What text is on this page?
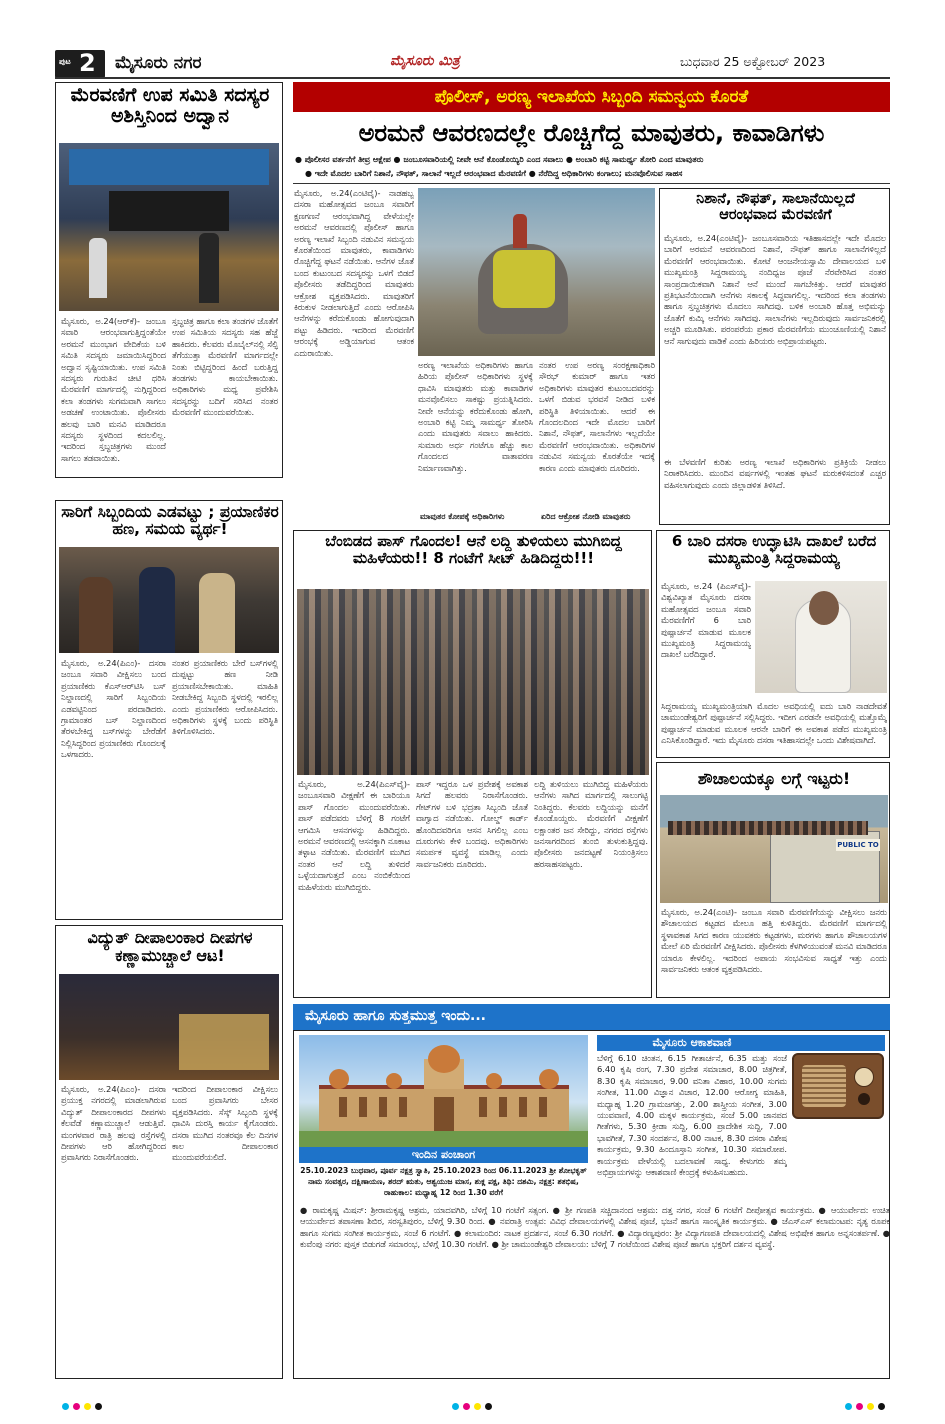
ಪುಟ 2 ಮೈಸೂರು ನಗರ	ಮೈಸೂರು ಮಿತ್ರ	ಬುಧವಾರ 25 ಅಕ್ಟೋಬರ್ 2023
ಮೆರವಣಿಗೆ ಉಪ ಸಮಿತಿ ಸದಸ್ಯರ ಅಶಿಸ್ತಿನಿಂದ ಅದ್ವಾನ
ಮೈಸೂರು, ಅ.24(ಆರ್‌ಕೆ)- ಜಂಬೂ ಸವಾರಿ ಆರಂಭವಾಗುತ್ತಿದ್ದಂತೆಯೇ ಅರಮನೆ ಮುಂಭಾಗ ವೇದಿಕೆಯ ಬಳಿ ಸಮಿತಿ ಸದಸ್ಯರು ಜಮಾಯಿಸಿದ್ದರಿಂದ ಅದ್ವಾನ ಸೃಷ್ಟಿಯಾಯಿತು. ಉಪ ಸಮಿತಿ ಸದಸ್ಯರು ಗುರುತಿನ ಚೀಟಿ ಧರಿಸಿ ಮೆರವಣಿಗೆ ಮಾರ್ಗದಲ್ಲಿ ನುಗ್ಗಿದ್ದರಿಂದ ಕಲಾ ತಂಡಗಳು ಸುಗಮವಾಗಿ ಸಾಗಲು ಅಡಚಣೆ ಉಂಟಾಯಿತು. ಪೊಲೀಸರು ಹಲವು ಬಾರಿ ಮನವಿ ಮಾಡಿದರೂ ಸದಸ್ಯರು ಸ್ಥಳದಿಂದ ಕದಲಲಿಲ್ಲ. ಇದರಿಂದ ಸ್ತಬ್ಧಚಿತ್ರಗಳು ಮುಂದೆ ಸಾಗಲು ತಡವಾಯಿತು.
ಸ್ತಬ್ಧಚಿತ್ರ ಹಾಗೂ ಕಲಾ ತಂಡಗಳ ಜೊತೆಗೆ ಉಪ ಸಮಿತಿಯ ಸದಸ್ಯರು ಸಹ ಹೆಜ್ಜೆ ಹಾಕಿದರು. ಕೆಲವರು ಮೊಬೈಲ್‌ನಲ್ಲಿ ಸೆಲ್ಫಿ ತೆಗೆಯುತ್ತಾ ಮೆರವಣಿಗೆ ಮಾರ್ಗದಲ್ಲೇ ನಿಂತು ಬಿಟ್ಟಿದ್ದರಿಂದ ಹಿಂದೆ ಬರುತ್ತಿದ್ದ ತಂಡಗಳು ಕಾಯಬೇಕಾಯಿತು. ಅಧಿಕಾರಿಗಳು ಮಧ್ಯ ಪ್ರವೇಶಿಸಿ ಸದಸ್ಯರನ್ನು ಬದಿಗೆ ಸರಿಸಿದ ನಂತರ ಮೆರವಣಿಗೆ ಮುಂದುವರೆಯಿತು.
ಸಾರಿಗೆ ಸಿಬ್ಬಂದಿಯ ಎಡವಟ್ಟು ; ಪ್ರಯಾಣಿಕರ ಹಣ, ಸಮಯ ವ್ಯರ್ಥ!
ಮೈಸೂರು, ಅ.24(ಪಿಎಂ)- ದಸರಾ ಜಂಬೂ ಸವಾರಿ ವೀಕ್ಷಿಸಲು ಬಂದ ಪ್ರಯಾಣಿಕರು ಕೆಎಸ್‌ಆರ್‌ಟಿಸಿ ಬಸ್ ನಿಲ್ದಾಣದಲ್ಲಿ ಸಾರಿಗೆ ಸಿಬ್ಬಂದಿಯ ಎಡವಟ್ಟಿನಿಂದ ಪರದಾಡಿದರು. ಗ್ರಾಮಾಂತರ ಬಸ್ ನಿಲ್ದಾಣದಿಂದ ತೆರಳಬೇಕಿದ್ದ ಬಸ್‌ಗಳನ್ನು ಬೇರೆಡೆಗೆ ನಿಲ್ಲಿಸಿದ್ದರಿಂದ ಪ್ರಯಾಣಿಕರು ಗೊಂದಲಕ್ಕೆ ಒಳಗಾದರು.
ನಂತರ ಪ್ರಯಾಣಿಕರು ಬೇರೆ ಬಸ್‌ಗಳಲ್ಲಿ ದುಪ್ಪಟ್ಟು ಹಣ ನೀಡಿ ಪ್ರಯಾಣಿಸಬೇಕಾಯಿತು. ಮಾಹಿತಿ ನೀಡಬೇಕಿದ್ದ ಸಿಬ್ಬಂದಿ ಸ್ಥಳದಲ್ಲಿ ಇರಲಿಲ್ಲ ಎಂದು ಪ್ರಯಾಣಿಕರು ಆರೋಪಿಸಿದರು. ಅಧಿಕಾರಿಗಳು ಸ್ಥಳಕ್ಕೆ ಬಂದು ಪರಿಸ್ಥಿತಿ ತಿಳಿಗೊಳಿಸಿದರು.
ವಿದ್ಯುತ್ ದೀಪಾಲಂಕಾರ ದೀಪಗಳ ಕಣ್ಣಾಮುಚ್ಚಾಲೆ ಆಟ!
ಮೈಸೂರು, ಅ.24(ಪಿಎಂ)- ದಸರಾ ಪ್ರಯುಕ್ತ ನಗರದಲ್ಲಿ ಮಾಡಲಾಗಿರುವ ವಿದ್ಯುತ್ ದೀಪಾಲಂಕಾರದ ದೀಪಗಳು ಕೆಲವೆಡೆ ಕಣ್ಣಾಮುಚ್ಚಾಲೆ ಆಡುತ್ತಿವೆ. ಮಂಗಳವಾರ ರಾತ್ರಿ ಹಲವು ರಸ್ತೆಗಳಲ್ಲಿ ದೀಪಗಳು ಆರಿ ಹೋಗಿದ್ದರಿಂದ ಪ್ರವಾಸಿಗರು ನಿರಾಸೆಗೊಂಡರು.
ಇದರಿಂದ ದೀಪಾಲಂಕಾರ ವೀಕ್ಷಿಸಲು ಬಂದ ಪ್ರವಾಸಿಗರು ಬೇಸರ ವ್ಯಕ್ತಪಡಿಸಿದರು. ಸೆಸ್ಕ್ ಸಿಬ್ಬಂದಿ ಸ್ಥಳಕ್ಕೆ ಧಾವಿಸಿ ದುರಸ್ತಿ ಕಾರ್ಯ ಕೈಗೊಂಡರು. ದಸರಾ ಮುಗಿದ ನಂತರವೂ ಕೆಲ ದಿನಗಳ ಕಾಲ ದೀಪಾಲಂಕಾರ ಮುಂದುವರೆಯಲಿದೆ.
ಪೊಲೀಸ್, ಅರಣ್ಯ ಇಲಾಖೆಯ ಸಿಬ್ಬಂದಿ ಸಮನ್ವಯ ಕೊರತೆ
ಅರಮನೆ ಆವರಣದಲ್ಲೇ ರೊಚ್ಚಿಗೆದ್ದ ಮಾವುತರು, ಕಾವಾಡಿಗಳು
● ಪೊಲೀಸರ ವರ್ತನೆಗೆ ತೀವ್ರ ಆಕ್ಷೇಪ ● ಜಂಬೂಸವಾರಿಯಲ್ಲಿ ನೀವೇ ಆನೆ ಕೊಂಡೊಯ್ಯಿರಿ ಎಂದ ಸವಾಲು ● ಅಂಬಾರಿ ಕಟ್ಟಿ ಸಾಮರ್ಥ್ಯ ತೋರಿ ಎಂದ ಮಾವುತರು
● ಇದೇ ಮೊದಲ ಬಾರಿಗೆ ನಿಶಾನೆ, ನೌಫತ್, ಸಾಲಾನೆ ಇಲ್ಲದೆ ಆರಂಭವಾದ ಮೆರವಣಿಗೆ ● ನೆರೆದಿದ್ದ ಅಧಿಕಾರಿಗಳು ಕಂಗಾಲು; ಮನವೊಲಿಸುವ ಸಾಹಸ
ಮೈಸೂರು, ಅ.24(ಎಂಟಿವೈ)- ನಾಡಹಬ್ಬ ದಸರಾ ಮಹೋತ್ಸವದ ಜಂಬೂ ಸವಾರಿಗೆ ಕ್ಷಣಗಣನೆ ಆರಂಭವಾಗಿದ್ದ ವೇಳೆಯಲ್ಲೇ ಅರಮನೆ ಆವರಣದಲ್ಲಿ ಪೊಲೀಸ್ ಹಾಗೂ ಅರಣ್ಯ ಇಲಾಖೆ ಸಿಬ್ಬಂದಿ ನಡುವಿನ ಸಮನ್ವಯ ಕೊರತೆಯಿಂದ ಮಾವುತರು, ಕಾವಾಡಿಗಳು ರೊಚ್ಚಿಗೆದ್ದ ಘಟನೆ ನಡೆಯಿತು. ಆನೆಗಳ ಜೊತೆ ಬಂದ ಕುಟುಂಬದ ಸದಸ್ಯರನ್ನು ಒಳಗೆ ಬಿಡದೆ ಪೊಲೀಸರು ತಡೆದಿದ್ದರಿಂದ ಮಾವುತರು ಆಕ್ರೋಶ ವ್ಯಕ್ತಪಡಿಸಿದರು. ಮಾವುತರಿಗೆ ಕಿರುಕುಳ ನೀಡಲಾಗುತ್ತಿದೆ ಎಂದು ಆರೋಪಿಸಿ ಆನೆಗಳನ್ನು ಕರೆದುಕೊಂಡು ಹೋಗುವುದಾಗಿ ಪಟ್ಟು ಹಿಡಿದರು. ಇದರಿಂದ ಮೆರವಣಿಗೆ ಆರಂಭಕ್ಕೆ ಅಡ್ಡಿಯಾಗುವ ಆತಂಕ ಎದುರಾಯಿತು.
ಅರಣ್ಯ ಇಲಾಖೆಯ ಅಧಿಕಾರಿಗಳು ಹಾಗೂ ಹಿರಿಯ ಪೊಲೀಸ್ ಅಧಿಕಾರಿಗಳು ಸ್ಥಳಕ್ಕೆ ಧಾವಿಸಿ ಮಾವುತರು ಮತ್ತು ಕಾವಾಡಿಗಳ ಮನವೊಲಿಸಲು ಸಾಕಷ್ಟು ಪ್ರಯತ್ನಿಸಿದರು. ನೀವೇ ಆನೆಯನ್ನು ಕರೆದುಕೊಂಡು ಹೋಗಿ, ಅಂಬಾರಿ ಕಟ್ಟಿ ನಿಮ್ಮ ಸಾಮರ್ಥ್ಯ ತೋರಿಸಿ ಎಂದು ಮಾವುತರು ಸವಾಲು ಹಾಕಿದರು. ಸುಮಾರು ಅರ್ಧ ಗಂಟೆಗೂ ಹೆಚ್ಚು ಕಾಲ ಗೊಂದಲದ ವಾತಾವರಣ ನಿರ್ಮಾಣವಾಗಿತ್ತು.
ನಂತರ ಉಪ ಅರಣ್ಯ ಸಂರಕ್ಷಣಾಧಿಕಾರಿ ಸೌರಭ್ ಕುಮಾರ್ ಹಾಗೂ ಇತರ ಅಧಿಕಾರಿಗಳು ಮಾವುತರ ಕುಟುಂಬದವರನ್ನು ಒಳಗೆ ಬಿಡುವ ಭರವಸೆ ನೀಡಿದ ಬಳಿಕ ಪರಿಸ್ಥಿತಿ ತಿಳಿಯಾಯಿತು. ಆದರೆ ಈ ಗೊಂದಲದಿಂದ ಇದೇ ಮೊದಲ ಬಾರಿಗೆ ನಿಶಾನೆ, ನೌಫತ್, ಸಾಲಾನೆಗಳು ಇಲ್ಲದೆಯೇ ಮೆರವಣಿಗೆ ಆರಂಭವಾಯಿತು. ಅಧಿಕಾರಿಗಳ ನಡುವಿನ ಸಮನ್ವಯ ಕೊರತೆಯೇ ಇದಕ್ಕೆ ಕಾರಣ ಎಂದು ಮಾವುತರು ದೂರಿದರು.
ಮಾವುತರ ಕೋಪಕ್ಕೆ ಅಧಿಕಾರಿಗಳು	ಏರಿದ ಆಕ್ರೋಶ ನೋಡಿ ಮಾವುತರು
ನಿಶಾನೆ, ನೌಫತ್, ಸಾಲಾನೆಯಿಲ್ಲದೆ ಆರಂಭವಾದ ಮೆರವಣಿಗೆ
ಮೈಸೂರು, ಅ.24(ಎಂಟಿವೈ)- ಜಂಬೂಸವಾರಿಯ ಇತಿಹಾಸದಲ್ಲೇ ಇದೇ ಮೊದಲ ಬಾರಿಗೆ ಅರಮನೆ ಆವರಣದಿಂದ ನಿಶಾನೆ, ನೌಫತ್ ಹಾಗೂ ಸಾಲಾನೆಗಳಿಲ್ಲದೆ ಮೆರವಣಿಗೆ ಆರಂಭವಾಯಿತು. ಕೋಟೆ ಆಂಜನೇಯಸ್ವಾಮಿ ದೇವಾಲಯದ ಬಳಿ ಮುಖ್ಯಮಂತ್ರಿ ಸಿದ್ದರಾಮಯ್ಯ ನಂದಿಧ್ವಜ ಪೂಜೆ ನೆರವೇರಿಸಿದ ನಂತರ ಸಾಂಪ್ರದಾಯಿಕವಾಗಿ ನಿಶಾನೆ ಆನೆ ಮುಂದೆ ಸಾಗಬೇಕಿತ್ತು. ಆದರೆ ಮಾವುತರ ಪ್ರತಿಭಟನೆಯಿಂದಾಗಿ ಆನೆಗಳು ಸಕಾಲಕ್ಕೆ ಸಿದ್ಧವಾಗಲಿಲ್ಲ. ಇದರಿಂದ ಕಲಾ ತಂಡಗಳು ಹಾಗೂ ಸ್ತಬ್ಧಚಿತ್ರಗಳು ಮೊದಲು ಸಾಗಿದವು. ಬಳಿಕ ಅಂಬಾರಿ ಹೊತ್ತ ಅಭಿಮನ್ಯು ಜೊತೆಗೆ ಕುಮ್ಕಿ ಆನೆಗಳು ಸಾಗಿದವು. ಸಾಲಾನೆಗಳು ಇಲ್ಲದಿರುವುದು ಸಾರ್ವಜನಿಕರಲ್ಲಿ ಅಚ್ಚರಿ ಮೂಡಿಸಿತು. ಪರಂಪರೆಯ ಪ್ರಕಾರ ಮೆರವಣಿಗೆಯ ಮುಂಚೂಣಿಯಲ್ಲಿ ನಿಶಾನೆ ಆನೆ ಸಾಗುವುದು ವಾಡಿಕೆ ಎಂದು ಹಿರಿಯರು ಅಭಿಪ್ರಾಯಪಟ್ಟರು.
ಈ ಬೆಳವಣಿಗೆ ಕುರಿತು ಅರಣ್ಯ ಇಲಾಖೆ ಅಧಿಕಾರಿಗಳು ಪ್ರತಿಕ್ರಿಯೆ ನೀಡಲು ನಿರಾಕರಿಸಿದರು. ಮುಂದಿನ ವರ್ಷಗಳಲ್ಲಿ ಇಂತಹ ಘಟನೆ ಮರುಕಳಿಸದಂತೆ ಎಚ್ಚರ ವಹಿಸಲಾಗುವುದು ಎಂದು ಜಿಲ್ಲಾಡಳಿತ ತಿಳಿಸಿದೆ.
ಬೆಂಬಿಡದ ಪಾಸ್ ಗೊಂದಲ! ಆನೆ ಲದ್ದಿ ತುಳಿಯಲು ಮುಗಿಬಿದ್ದ ಮಹಿಳೆಯರು!! 8 ಗಂಟೆಗೆ ಸೀಟ್ ಹಿಡಿದಿದ್ದರು!!!
ಮೈಸೂರು, ಅ.24(ಪಿಎಸ್‌ವೈ)- ಜಂಬೂಸವಾರಿ ವೀಕ್ಷಣೆಗೆ ಈ ಬಾರಿಯೂ ಪಾಸ್ ಗೊಂದಲ ಮುಂದುವರೆಯಿತು. ಪಾಸ್ ಪಡೆದವರು ಬೆಳಿಗ್ಗೆ 8 ಗಂಟೆಗೆ ಆಗಮಿಸಿ ಆಸನಗಳನ್ನು ಹಿಡಿದಿದ್ದರು. ಅರಮನೆ ಆವರಣದಲ್ಲಿ ಆಸನಕ್ಕಾಗಿ ನೂಕಾಟ ತಳ್ಳಾಟ ನಡೆಯಿತು. ಮೆರವಣಿಗೆ ಮುಗಿದ ನಂತರ ಆನೆ ಲದ್ದಿ ತುಳಿದರೆ ಒಳ್ಳೆಯದಾಗುತ್ತದೆ ಎಂಬ ನಂಬಿಕೆಯಿಂದ ಮಹಿಳೆಯರು ಮುಗಿಬಿದ್ದರು.
ಪಾಸ್ ಇದ್ದರೂ ಒಳ ಪ್ರವೇಶಕ್ಕೆ ಅವಕಾಶ ಸಿಗದೆ ಹಲವರು ನಿರಾಸೆಗೊಂಡರು. ಗೇಟ್‌ಗಳ ಬಳಿ ಭದ್ರತಾ ಸಿಬ್ಬಂದಿ ಜೊತೆ ವಾಗ್ವಾದ ನಡೆಯಿತು. ಗೋಲ್ಡ್ ಕಾರ್ಡ್ ಹೊಂದಿದವರಿಗೂ ಆಸನ ಸಿಗಲಿಲ್ಲ ಎಂಬ ದೂರುಗಳು ಕೇಳಿ ಬಂದವು. ಅಧಿಕಾರಿಗಳು ಸಮರ್ಪಕ ವ್ಯವಸ್ಥೆ ಮಾಡಿಲ್ಲ ಎಂದು ಸಾರ್ವಜನಿಕರು ದೂರಿದರು.
ಲದ್ದಿ ತುಳಿಯಲು ಮುಗಿಬಿದ್ದ ಮಹಿಳೆಯರು ಆನೆಗಳು ಸಾಗಿದ ಮಾರ್ಗದಲ್ಲಿ ಸಾಲುಗಟ್ಟಿ ನಿಂತಿದ್ದರು. ಕೆಲವರು ಲದ್ದಿಯನ್ನು ಮನೆಗೆ ಕೊಂಡೊಯ್ದರು. ಮೆರವಣಿಗೆ ವೀಕ್ಷಣೆಗೆ ಲಕ್ಷಾಂತರ ಜನ ಸೇರಿದ್ದು, ನಗರದ ರಸ್ತೆಗಳು ಜನಸಾಗರದಿಂದ ತುಂಬಿ ತುಳುಕುತ್ತಿದ್ದವು. ಪೊಲೀಸರು ಜನದಟ್ಟಣೆ ನಿಯಂತ್ರಿಸಲು ಹರಸಾಹಸಪಟ್ಟರು.
6 ಬಾರಿ ದಸರಾ ಉದ್ಘಾಟಿಸಿ ದಾಖಲೆ ಬರೆದ ಮುಖ್ಯಮಂತ್ರಿ ಸಿದ್ದರಾಮಯ್ಯ
ಮೈಸೂರು, ಅ.24 (ಪಿಎಸ್‌ವೈ)- ವಿಶ್ವವಿಖ್ಯಾತ ಮೈಸೂರು ದಸರಾ ಮಹೋತ್ಸವದ ಜಂಬೂ ಸವಾರಿ ಮೆರವಣಿಗೆಗೆ 6 ಬಾರಿ ಪುಷ್ಪಾರ್ಚನೆ ಮಾಡುವ ಮೂಲಕ ಮುಖ್ಯಮಂತ್ರಿ ಸಿದ್ದರಾಮಯ್ಯ ದಾಖಲೆ ಬರೆದಿದ್ದಾರೆ.
ಸಿದ್ದರಾಮಯ್ಯ ಮುಖ್ಯಮಂತ್ರಿಯಾಗಿ ಮೊದಲ ಅವಧಿಯಲ್ಲಿ ಐದು ಬಾರಿ ನಾಡದೇವತೆ ಚಾಮುಂಡೇಶ್ವರಿಗೆ ಪುಷ್ಪಾರ್ಚನೆ ಸಲ್ಲಿಸಿದ್ದರು. ಇದೀಗ ಎರಡನೇ ಅವಧಿಯಲ್ಲಿ ಮತ್ತೊಮ್ಮೆ ಪುಷ್ಪಾರ್ಚನೆ ಮಾಡುವ ಮೂಲಕ ಆರನೇ ಬಾರಿಗೆ ಈ ಅವಕಾಶ ಪಡೆದ ಮುಖ್ಯಮಂತ್ರಿ ಎನಿಸಿಕೊಂಡಿದ್ದಾರೆ. ಇದು ಮೈಸೂರು ದಸರಾ ಇತಿಹಾಸದಲ್ಲೇ ಒಂದು ವಿಶೇಷವಾಗಿದೆ.
ಶೌಚಾಲಯಕ್ಕೂ ಲಗ್ಗೆ ಇಟ್ಟರು!
PUBLIC TO
ಮೈಸೂರು, ಅ.24(ಎಂಟಿ)- ಜಂಬೂ ಸವಾರಿ ಮೆರವಣಿಗೆಯನ್ನು ವೀಕ್ಷಿಸಲು ಜನರು ಶೌಚಾಲಯದ ಕಟ್ಟಡದ ಮೇಲೂ ಹತ್ತಿ ಕುಳಿತಿದ್ದರು. ಮೆರವಣಿಗೆ ಮಾರ್ಗದಲ್ಲಿ ಸ್ಥಳಾವಕಾಶ ಸಿಗದ ಕಾರಣ ಯುವಕರು ಕಟ್ಟಡಗಳು, ಮರಗಳು ಹಾಗೂ ಶೌಚಾಲಯಗಳ ಮೇಲೆ ಏರಿ ಮೆರವಣಿಗೆ ವೀಕ್ಷಿಸಿದರು. ಪೊಲೀಸರು ಕೆಳಗಿಳಿಯುವಂತೆ ಮನವಿ ಮಾಡಿದರೂ ಯಾರೂ ಕೇಳಲಿಲ್ಲ. ಇದರಿಂದ ಅಪಾಯ ಸಂಭವಿಸುವ ಸಾಧ್ಯತೆ ಇತ್ತು ಎಂದು ಸಾರ್ವಜನಿಕರು ಆತಂಕ ವ್ಯಕ್ತಪಡಿಸಿದರು.
ಮೈಸೂರು ಹಾಗೂ ಸುತ್ತಮುತ್ತ ಇಂದು...
ಇಂದಿನ ಪಂಚಾಂಗ
25.10.2023 ಬುಧವಾರ, ಪೂರ್ವ ನಕ್ಷತ್ರ ಸ್ವಾತಿ, 25.10.2023 ರಿಂದ 06.11.2023 ಶ್ರೀ ಶೋಭಕೃತ್ ನಾಮ ಸಂವತ್ಸರ, ದಕ್ಷಿಣಾಯಣ, ಶರದ್ ಋತು, ಆಶ್ವಯುಜ ಮಾಸ, ಶುಕ್ಲ ಪಕ್ಷ, ತಿಥಿ: ದಶಮಿ, ನಕ್ಷತ್ರ: ಶತಭಿಷ, ರಾಹುಕಾಲ: ಮಧ್ಯಾಹ್ನ 12 ರಿಂದ 1.30 ವರೆಗೆ
● ರಾಮಕೃಷ್ಣ ಮಿಷನ್: ಶ್ರೀರಾಮಕೃಷ್ಣ ಆಶ್ರಮ, ಯಾದವಗಿರಿ, ಬೆಳಿಗ್ಗೆ 10 ಗಂಟೆಗೆ ಸತ್ಸಂಗ. ● ಶ್ರೀ ಗಣಪತಿ ಸಚ್ಚಿದಾನಂದ ಆಶ್ರಮ: ದತ್ತ ನಗರ, ಸಂಜೆ 6 ಗಂಟೆಗೆ ದೀಪೋತ್ಸವ ಕಾರ್ಯಕ್ರಮ. ● ಆಯುರ್ವೇದ: ಉಚಿತ ಆಯುರ್ವೇದ ತಪಾಸಣಾ ಶಿಬಿರ, ಸರಸ್ವತಿಪುರಂ, ಬೆಳಿಗ್ಗೆ 9.30 ರಿಂದ. ● ನವರಾತ್ರಿ ಉತ್ಸವ: ವಿವಿಧ ದೇವಾಲಯಗಳಲ್ಲಿ ವಿಶೇಷ ಪೂಜೆ, ಭಜನೆ ಹಾಗೂ ಸಾಂಸ್ಕೃತಿಕ ಕಾರ್ಯಕ್ರಮ. ● ಜೆಎಸ್‌ಎಸ್ ಕಲಾಮಂಟಪ: ನೃತ್ಯ ರೂಪಕ ಹಾಗೂ ಸುಗಮ ಸಂಗೀತ ಕಾರ್ಯಕ್ರಮ, ಸಂಜೆ 6 ಗಂಟೆಗೆ. ● ಕಲಾಮಂದಿರ: ನಾಟಕ ಪ್ರದರ್ಶನ, ಸಂಜೆ 6.30 ಗಂಟೆಗೆ. ● ವಿದ್ಯಾರಣ್ಯಪುರಂ: ಶ್ರೀ ವಿದ್ಯಾಗಣಪತಿ ದೇವಾಲಯದಲ್ಲಿ ವಿಶೇಷ ಅಭಿಷೇಕ ಹಾಗೂ ಅನ್ನಸಂತರ್ಪಣೆ. ● ಕುವೆಂಪು ನಗರ: ಪುಸ್ತಕ ಬಿಡುಗಡೆ ಸಮಾರಂಭ, ಬೆಳಿಗ್ಗೆ 10.30 ಗಂಟೆಗೆ. ● ಶ್ರೀ ಚಾಮುಂಡೇಶ್ವರಿ ದೇವಾಲಯ: ಬೆಳಿಗ್ಗೆ 7 ಗಂಟೆಯಿಂದ ವಿಶೇಷ ಪೂಜೆ ಹಾಗೂ ಭಕ್ತರಿಗೆ ದರ್ಶನ ವ್ಯವಸ್ಥೆ.
ಮೈಸೂರು ಆಕಾಶವಾಣಿ
ಬೆಳಿಗ್ಗೆ 6.10 ಚಿಂತನ, 6.15 ಗೀತಾರ್ಚನೆ, 6.35 ಮತ್ತು ಸಂಜೆ 6.40 ಕೃಷಿ ರಂಗ, 7.30 ಪ್ರದೇಶ ಸಮಾಚಾರ, 8.00 ಚಿತ್ರಗೀತೆ, 8.30 ಕೃಷಿ ಸಮಾಚಾರ, 9.00 ವನಿತಾ ವಿಹಾರ, 10.00 ಸುಗಮ ಸಂಗೀತ, 11.00 ವಿಜ್ಞಾನ ವಿಚಾರ, 12.00 ಆರೋಗ್ಯ ಮಾಹಿತಿ, ಮಧ್ಯಾಹ್ನ 1.20 ಗ್ರಾಮಜಗತ್ತು, 2.00 ಶಾಸ್ತ್ರೀಯ ಸಂಗೀತ, 3.00 ಯುವವಾಣಿ, 4.00 ಮಕ್ಕಳ ಕಾರ್ಯಕ್ರಮ, ಸಂಜೆ 5.00 ಜಾನಪದ ಗೀತೆಗಳು, 5.30 ಕ್ರೀಡಾ ಸುದ್ದಿ, 6.00 ಪ್ರಾದೇಶಿಕ ಸುದ್ದಿ, 7.00 ಭಾವಗೀತೆ, 7.30 ಸಂದರ್ಶನ, 8.00 ನಾಟಕ, 8.30 ದಸರಾ ವಿಶೇಷ ಕಾರ್ಯಕ್ರಮ, 9.30 ಹಿಂದೂಸ್ತಾನಿ ಸಂಗೀತ, 10.30 ಸಮಾರೋಪ. ಕಾರ್ಯಕ್ರಮ ವೇಳೆಯಲ್ಲಿ ಬದಲಾವಣೆ ಸಾಧ್ಯ. ಕೇಳುಗರು ತಮ್ಮ ಅಭಿಪ್ರಾಯಗಳನ್ನು ಆಕಾಶವಾಣಿ ಕೇಂದ್ರಕ್ಕೆ ಕಳುಹಿಸಬಹುದು.
